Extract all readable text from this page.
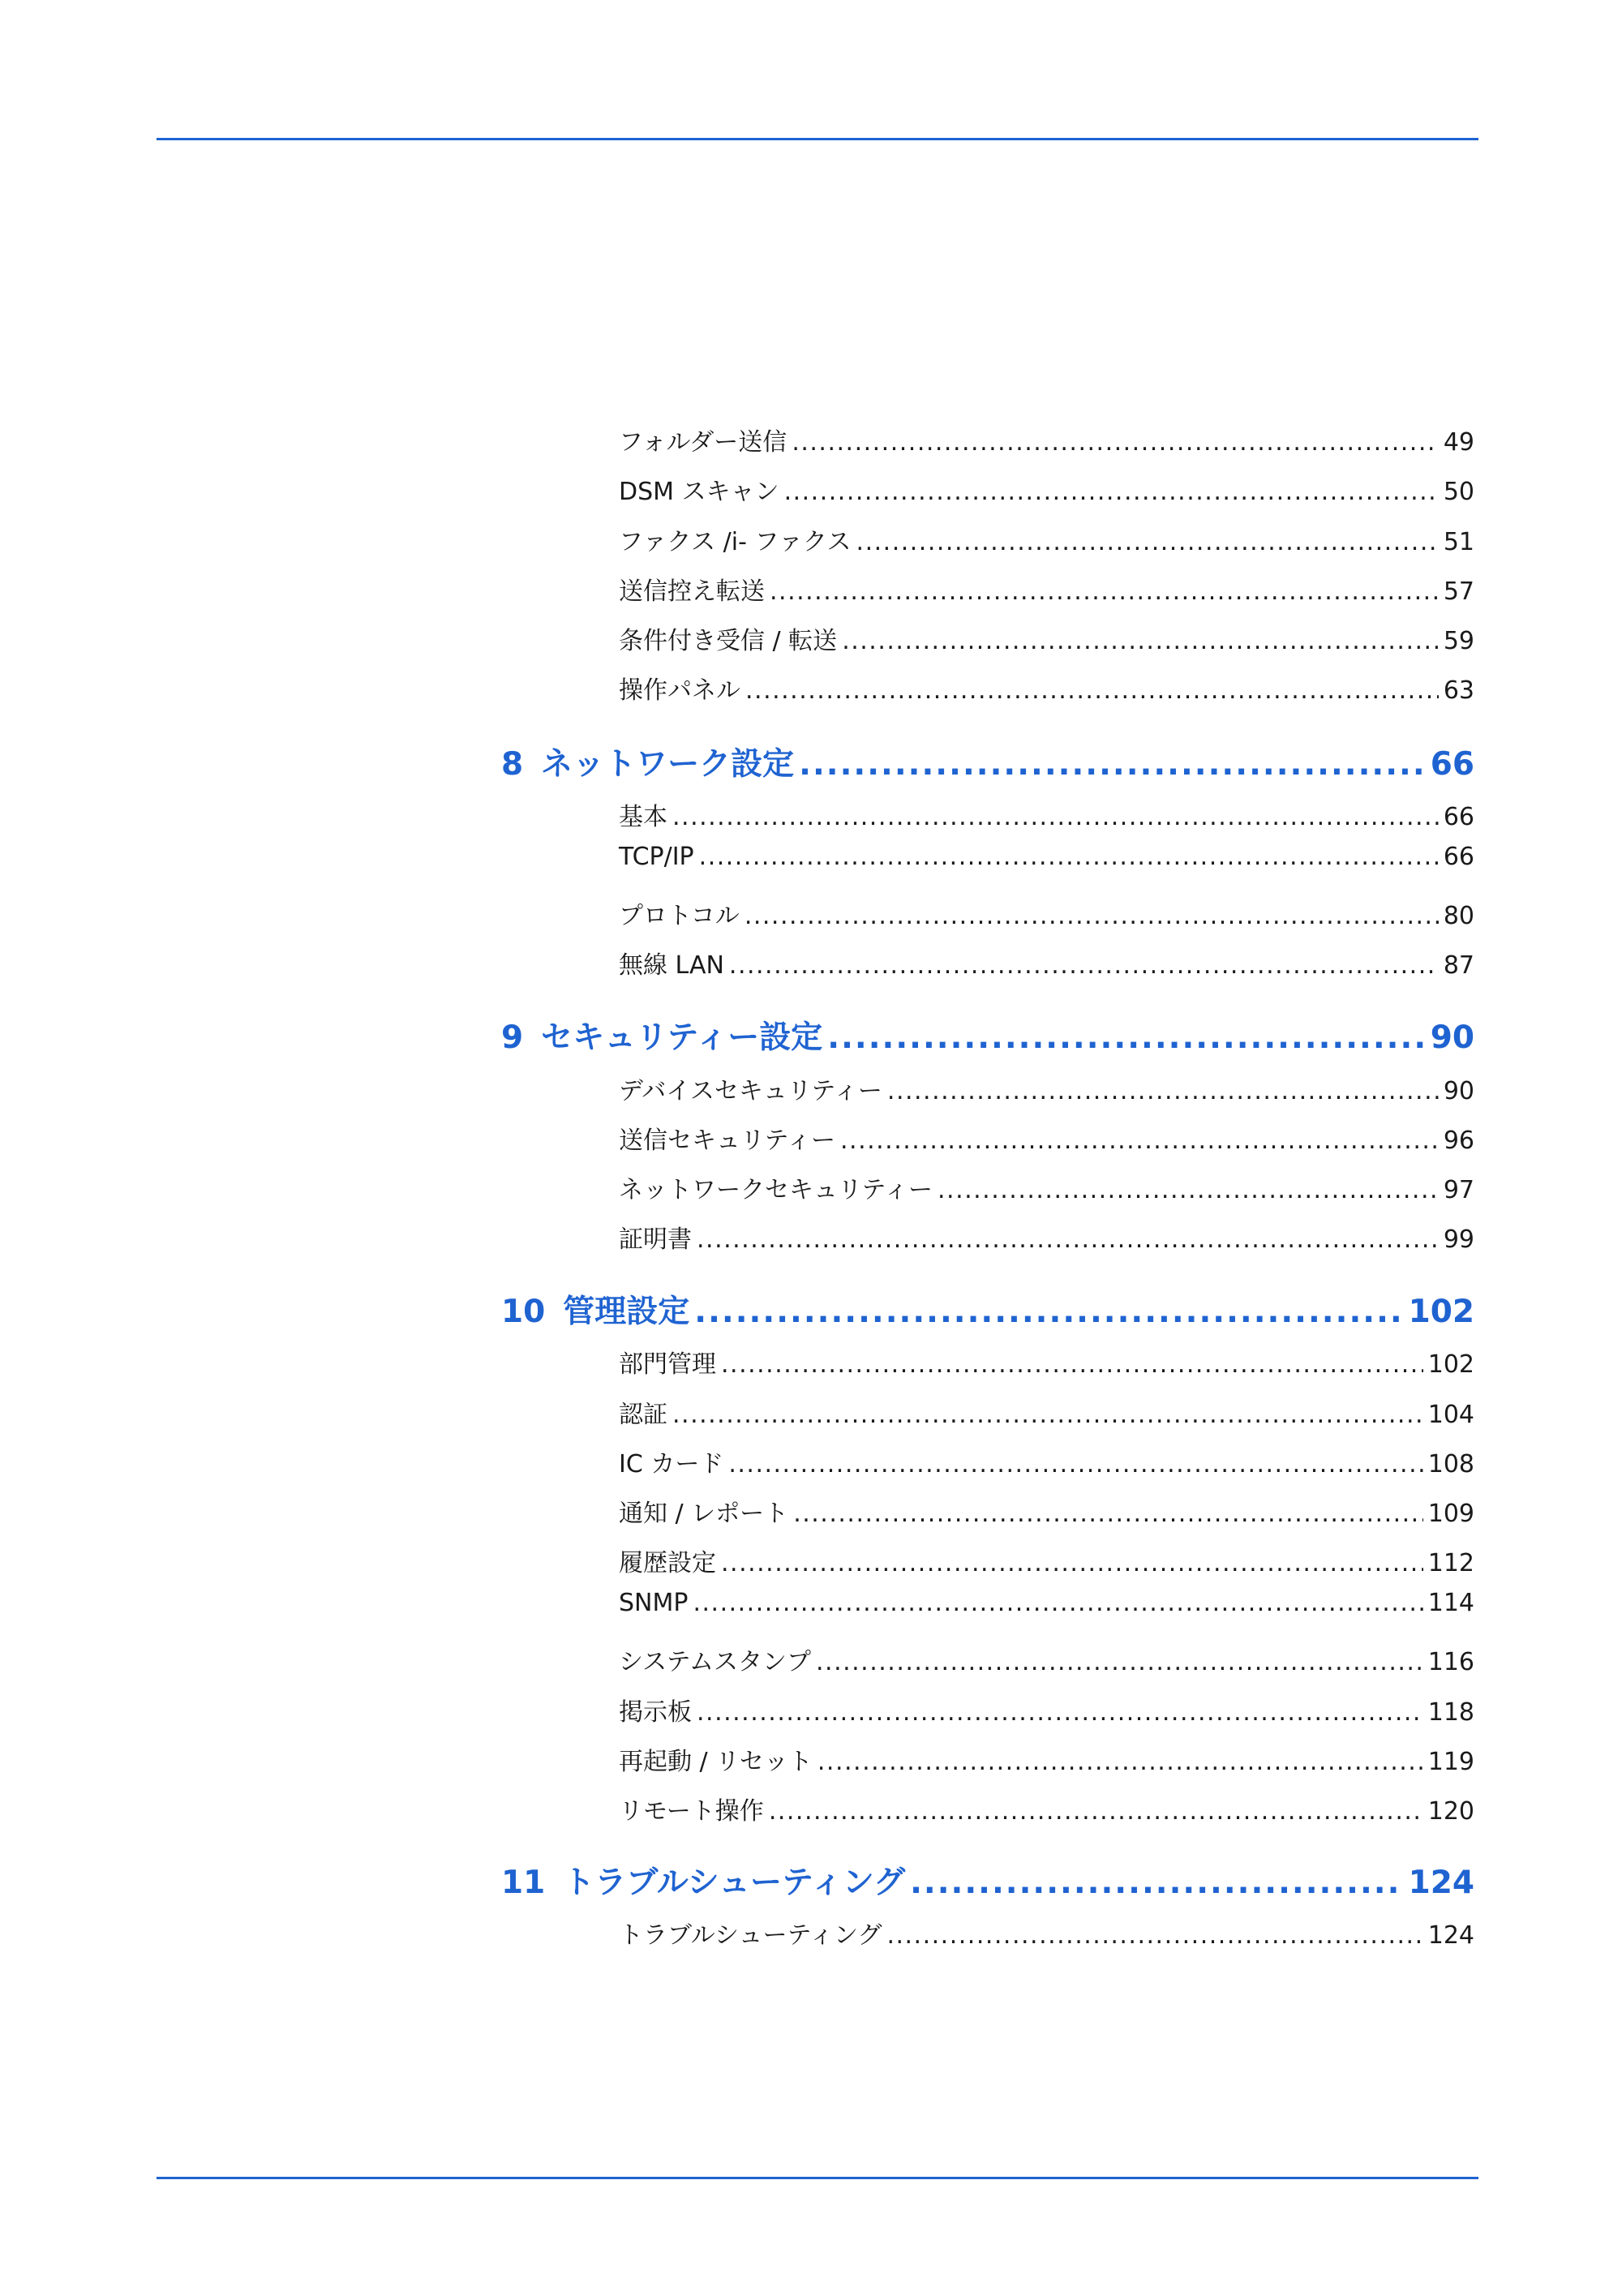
フォルダー送信 .....	49
DSM スキャン .....	50
ファクス /i- ファクス .....	51
送信控え転送 .....	57
条件付き受信 / 転送 .....	59
操作パネル .....	63
8 ネットワーク設定 .....	66
基本 .....	66
TCP/IP .....	66
プロトコル .....	80
無線 LAN .....	87
9 セキュリティー設定 .....	90
デバイスセキュリティー .....	90
送信セキュリティー .....	96
ネットワークセキュリティー .....	97
証明書 .....	99
10 管理設定 .....	102
部門管理 .....	102
認証 .....	104
IC カード .....	108
通知 / レポート .....	109
履歴設定 .....	112
SNMP .....	114
システムスタンプ .....	116
掲示板 .....	118
再起動 / リセット .....	119
リモート操作 .....	120
11 トラブルシューティング .....	124
トラブルシューティング .....	124
